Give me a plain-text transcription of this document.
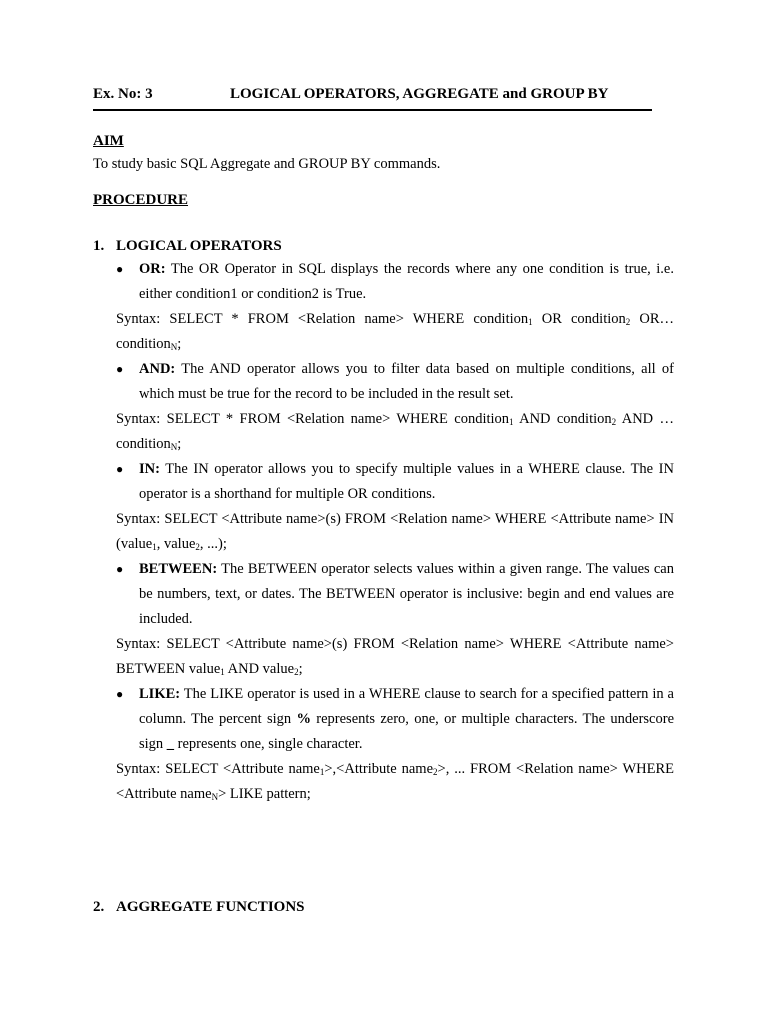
Ex. No: 3	LOGICAL OPERATORS, AGGREGATE and GROUP BY
AIM
To study basic SQL Aggregate and GROUP BY commands.
PROCEDURE
1. LOGICAL OPERATORS
●	OR: The OR Operator in SQL displays the records where any one condition is true, i.e. either condition1 or condition2 is True.
Syntax: SELECT * FROM <Relation name> WHERE condition$_1$ OR condition$_2$ OR… condition$_N$;
●	AND: The AND operator allows you to filter data based on multiple conditions, all of which must be true for the record to be included in the result set.
Syntax: SELECT * FROM <Relation name> WHERE condition$_1$ AND condition$_2$ AND …condition$_N$;
●	IN: The IN operator allows you to specify multiple values in a WHERE clause. The IN operator is a shorthand for multiple OR conditions.
Syntax: SELECT <Attribute name>(s) FROM <Relation name> WHERE <Attribute name> IN (value$_1$, value$_2$, ...);
●	BETWEEN: The BETWEEN operator selects values within a given range. The values can be numbers, text, or dates. The BETWEEN operator is inclusive: begin and end values are included.
Syntax: SELECT <Attribute name>(s) FROM <Relation name> WHERE <Attribute name> BETWEEN value$_1$ AND value$_2$;
●	LIKE: The LIKE operator is used in a WHERE clause to search for a specified pattern in a column. The percent sign % represents zero, one, or multiple characters. The underscore sign _ represents one, single character.
Syntax: SELECT <Attribute name$_1$>,<Attribute name$_2$>, ... FROM <Relation name> WHERE <Attribute name$_N$> LIKE pattern;
2. AGGREGATE FUNCTIONS
